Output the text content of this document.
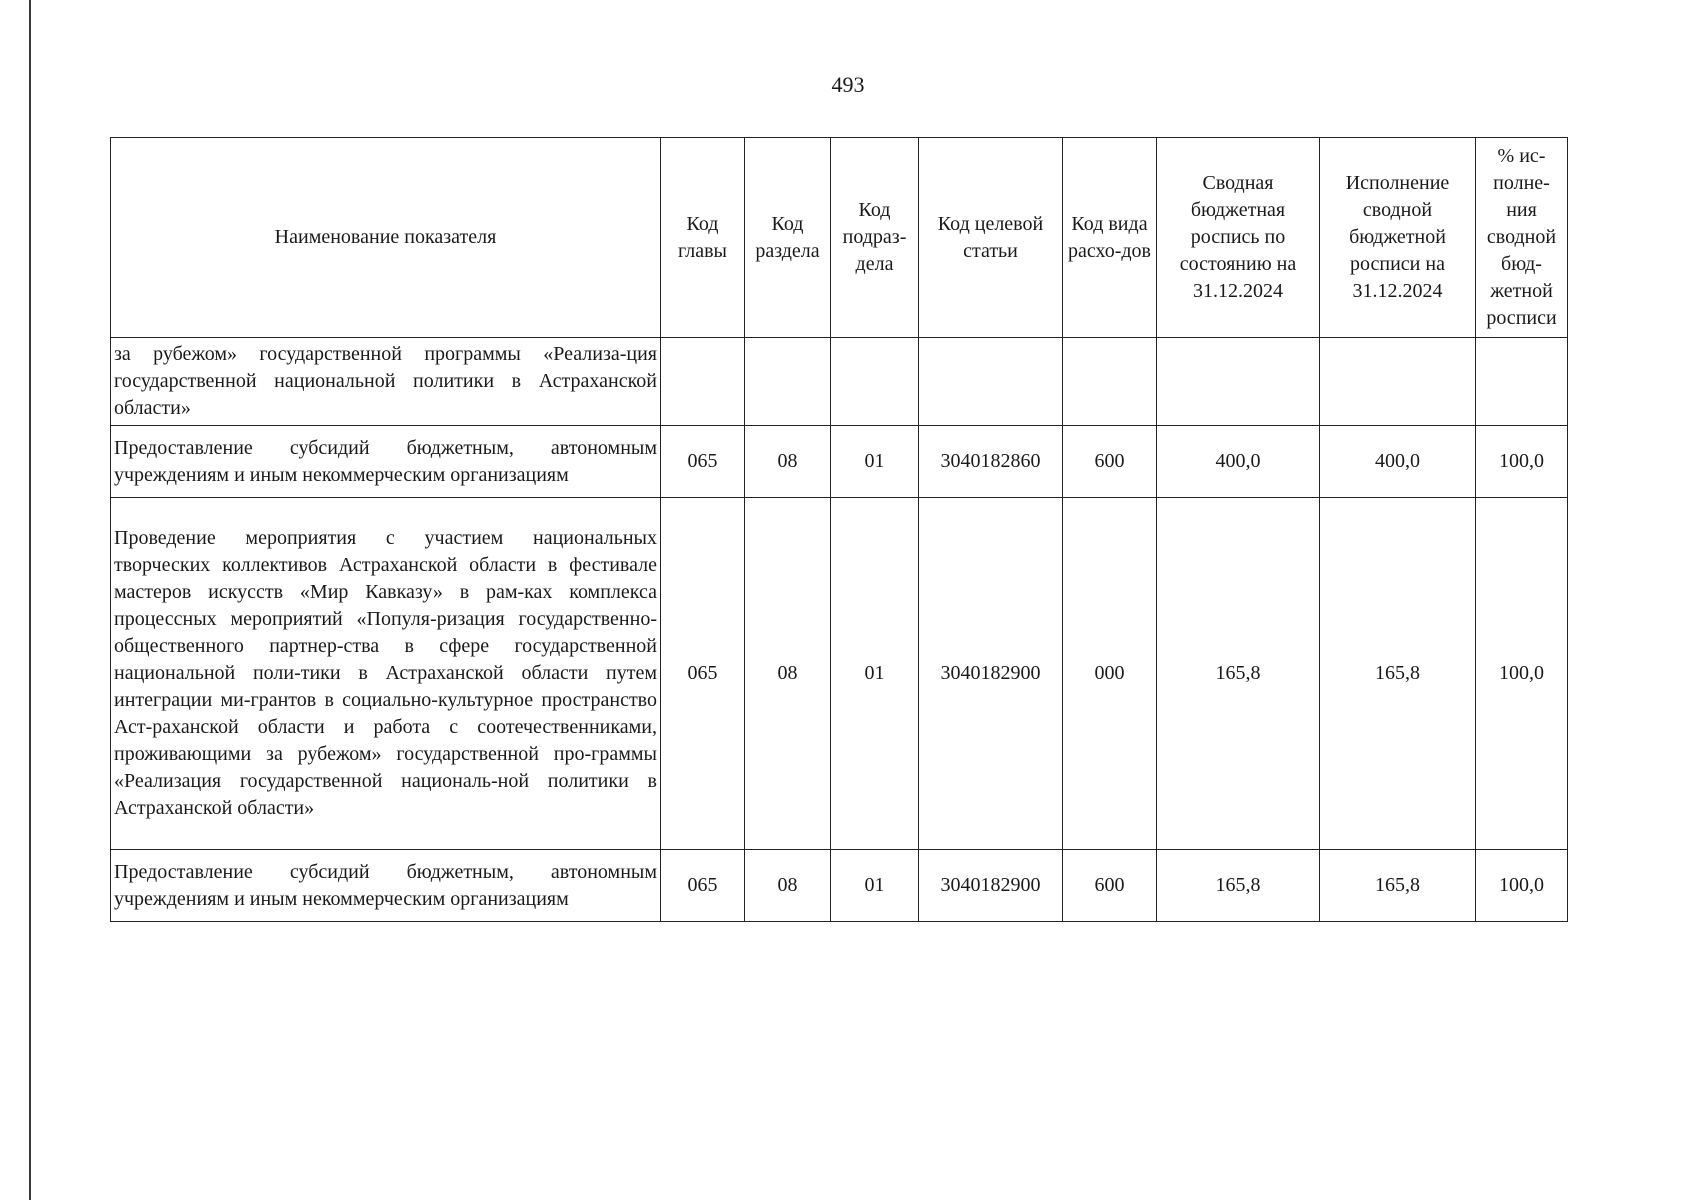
493
Наименование показателя	Код главы	Код раздела	Код подраз-дела	Код целевой статьи	Код вида расхо-дов	Сводная бюджетная роспись по состоянию на 31.12.2024	Исполнение сводной бюджетной росписи на 31.12.2024	% ис-полне-ния сводной бюд-жетной росписи
за рубежом» государственной программы «Реализа-ция государственной национальной политики в Астраханской области»								
Предоставление субсидий бюджетным, автономным учреждениям и иным некоммерческим организациям	065	08	01	3040182860	600	400,0	400,0	100,0
Проведение мероприятия с участием национальных творческих коллективов Астраханской области в фестивале мастеров искусств «Мир Кавказу» в рам-ках комплекса процессных мероприятий «Популя-ризация государственно-общественного партнер-ства в сфере государственной национальной поли-тики в Астраханской области путем интеграции ми-грантов в социально-культурное пространство Аст-раханской области и работа с соотечественниками, проживающими за рубежом» государственной про-граммы «Реализация государственной националь-ной политики в Астраханской области»	065	08	01	3040182900	000	165,8	165,8	100,0
Предоставление субсидий бюджетным, автономным учреждениям и иным некоммерческим организациям	065	08	01	3040182900	600	165,8	165,8	100,0
